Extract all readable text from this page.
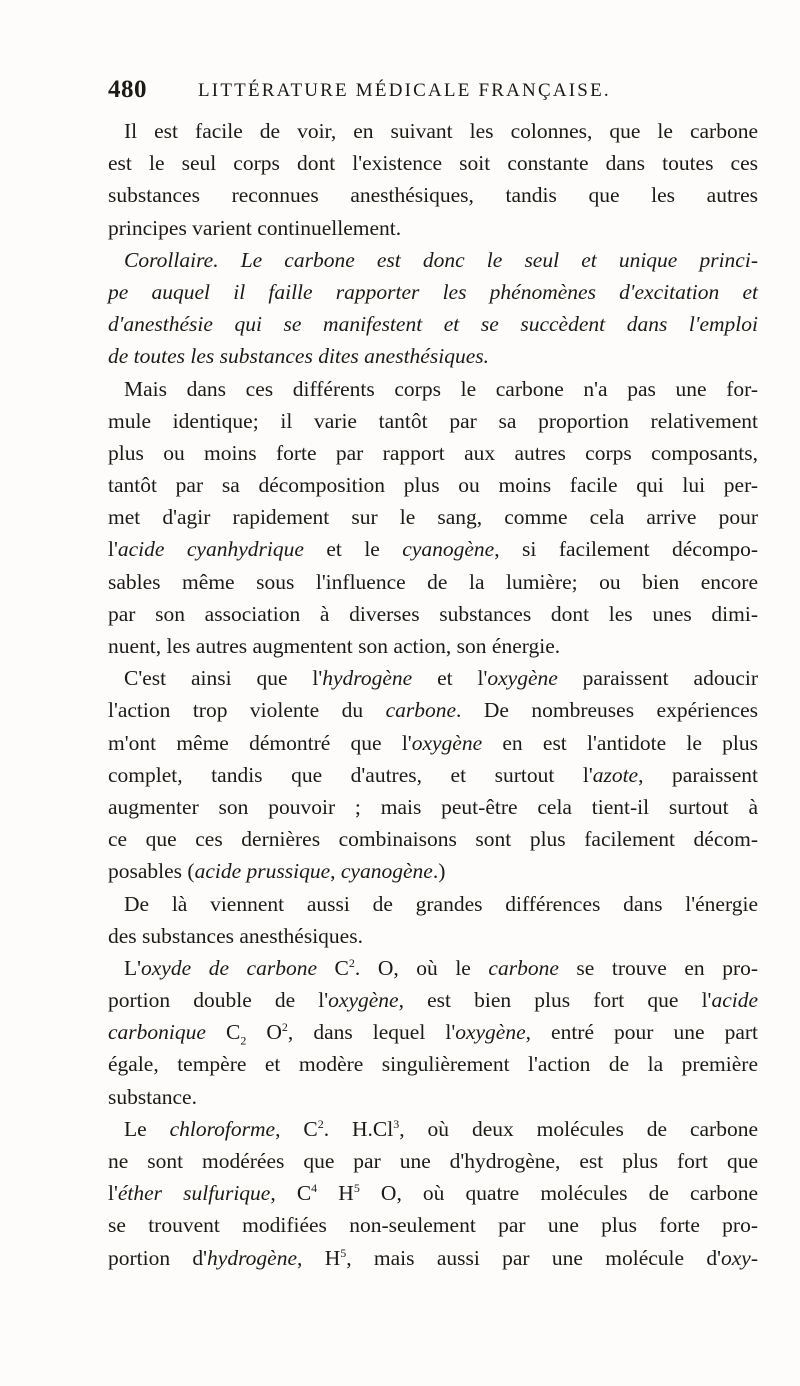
480	LITTÉRATURE MÉDICALE FRANÇAISE.
Il est facile de voir, en suivant les colonnes, que le carbone
est le seul corps dont l'existence soit constante dans toutes ces
substances reconnues anesthésiques, tandis que les autres
principes varient continuellement.
Corollaire. Le carbone est donc le seul et unique princi-
pe auquel il faille rapporter les phénomènes d'excitation et
d'anesthésie qui se manifestent et se succèdent dans l'emploi
de toutes les substances dites anesthésiques.
Mais dans ces différents corps le carbone n'a pas une for-
mule identique; il varie tantôt par sa proportion relativement
plus ou moins forte par rapport aux autres corps composants,
tantôt par sa décomposition plus ou moins facile qui lui per-
met d'agir rapidement sur le sang, comme cela arrive pour
l'acide cyanhydrique et le cyanogène, si facilement décompo-
sables même sous l'influence de la lumière; ou bien encore
par son association à diverses substances dont les unes dimi-
nuent, les autres augmentent son action, son énergie.
C'est ainsi que l'hydrogène et l'oxygène paraissent adoucir
l'action trop violente du carbone. De nombreuses expériences
m'ont même démontré que l'oxygène en est l'antidote le plus
complet, tandis que d'autres, et surtout l'azote, paraissent
augmenter son pouvoir ; mais peut-être cela tient-il surtout à
ce que ces dernières combinaisons sont plus facilement décom-
posables (acide prussique, cyanogène.)
De là viennent aussi de grandes différences dans l'énergie
des substances anesthésiques.
L'oxyde de carbone $C^2$. O, où le carbone se trouve en pro-
portion double de l'oxygène, est bien plus fort que l'acide
carbonique $C_2$ $O^2$, dans lequel l'oxygène, entré pour une part
égale, tempère et modère singulièrement l'action de la première
substance.
Le chloroforme, $C^2$. H.Cl$^3$, où deux molécules de carbone
ne sont modérées que par une d'hydrogène, est plus fort que
l'éther sulfurique, $C^4$ $H^5$ O, où quatre molécules de carbone
se trouvent modifiées non-seulement par une plus forte pro-
portion d'hydrogène, $H^5$, mais aussi par une molécule d'oxy-
